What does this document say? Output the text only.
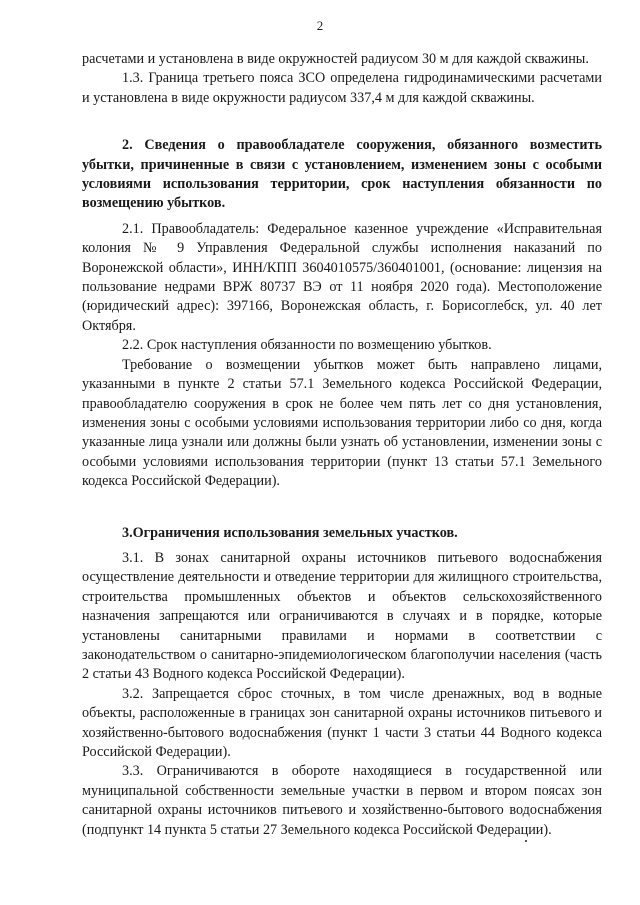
2

расчетами и установлена в виде окружностей радиусом 30 м для каждой скважины.

1.3. Граница третьего пояса ЗСО определена гидродинамическими расчетами и установлена в виде окружности радиусом 337,4 м для каждой скважины.

2. Сведения о правообладателе сооружения, обязанного возместить убытки, причиненные в связи с установлением, изменением зоны с особыми условиями использования территории, срок наступления обязанности по возмещению убытков.

2.1. Правообладатель: Федеральное казенное учреждение «Исправительная колония № 9 Управления Федеральной службы исполнения наказаний по Воронежской области», ИНН/КПП 3604010575/360401001, (основание: лицензия на пользование недрами ВРЖ 80737 ВЭ от 11 ноября 2020 года). Местоположение (юридический адрес): 397166, Воронежская область, г. Борисоглебск, ул. 40 лет Октября.

2.2. Срок наступления обязанности по возмещению убытков.

Требование о возмещении убытков может быть направлено лицами, указанными в пункте 2 статьи 57.1 Земельного кодекса Российской Федерации, правообладателю сооружения в срок не более чем пять лет со дня установления, изменения зоны с особыми условиями использования территории либо со дня, когда указанные лица узнали или должны были узнать об установлении, изменении зоны с особыми условиями использования территории (пункт 13 статьи 57.1 Земельного кодекса Российской Федерации).

3.Ограничения использования земельных участков.

3.1. В зонах санитарной охраны источников питьевого водоснабжения осуществление деятельности и отведение территории для жилищного строительства, строительства промышленных объектов и объектов сельскохозяйственного назначения запрещаются или ограничиваются в случаях и в порядке, которые установлены санитарными правилами и нормами в соответствии с законодательством о санитарно-эпидемиологическом благополучии населения (часть 2 статьи 43 Водного кодекса Российской Федерации).

3.2. Запрещается сброс сточных, в том числе дренажных, вод в водные объекты, расположенные в границах зон санитарной охраны источников питьевого и хозяйственно-бытового водоснабжения (пункт 1 части 3 статьи 44 Водного кодекса Российской Федерации).

3.3. Ограничиваются в обороте находящиеся в государственной или муниципальной собственности земельные участки в первом и втором поясах зон санитарной охраны источников питьевого и хозяйственно-бытового водоснабжения (подпункт 14 пункта 5 статьи 27 Земельного кодекса Российской Федерации).
